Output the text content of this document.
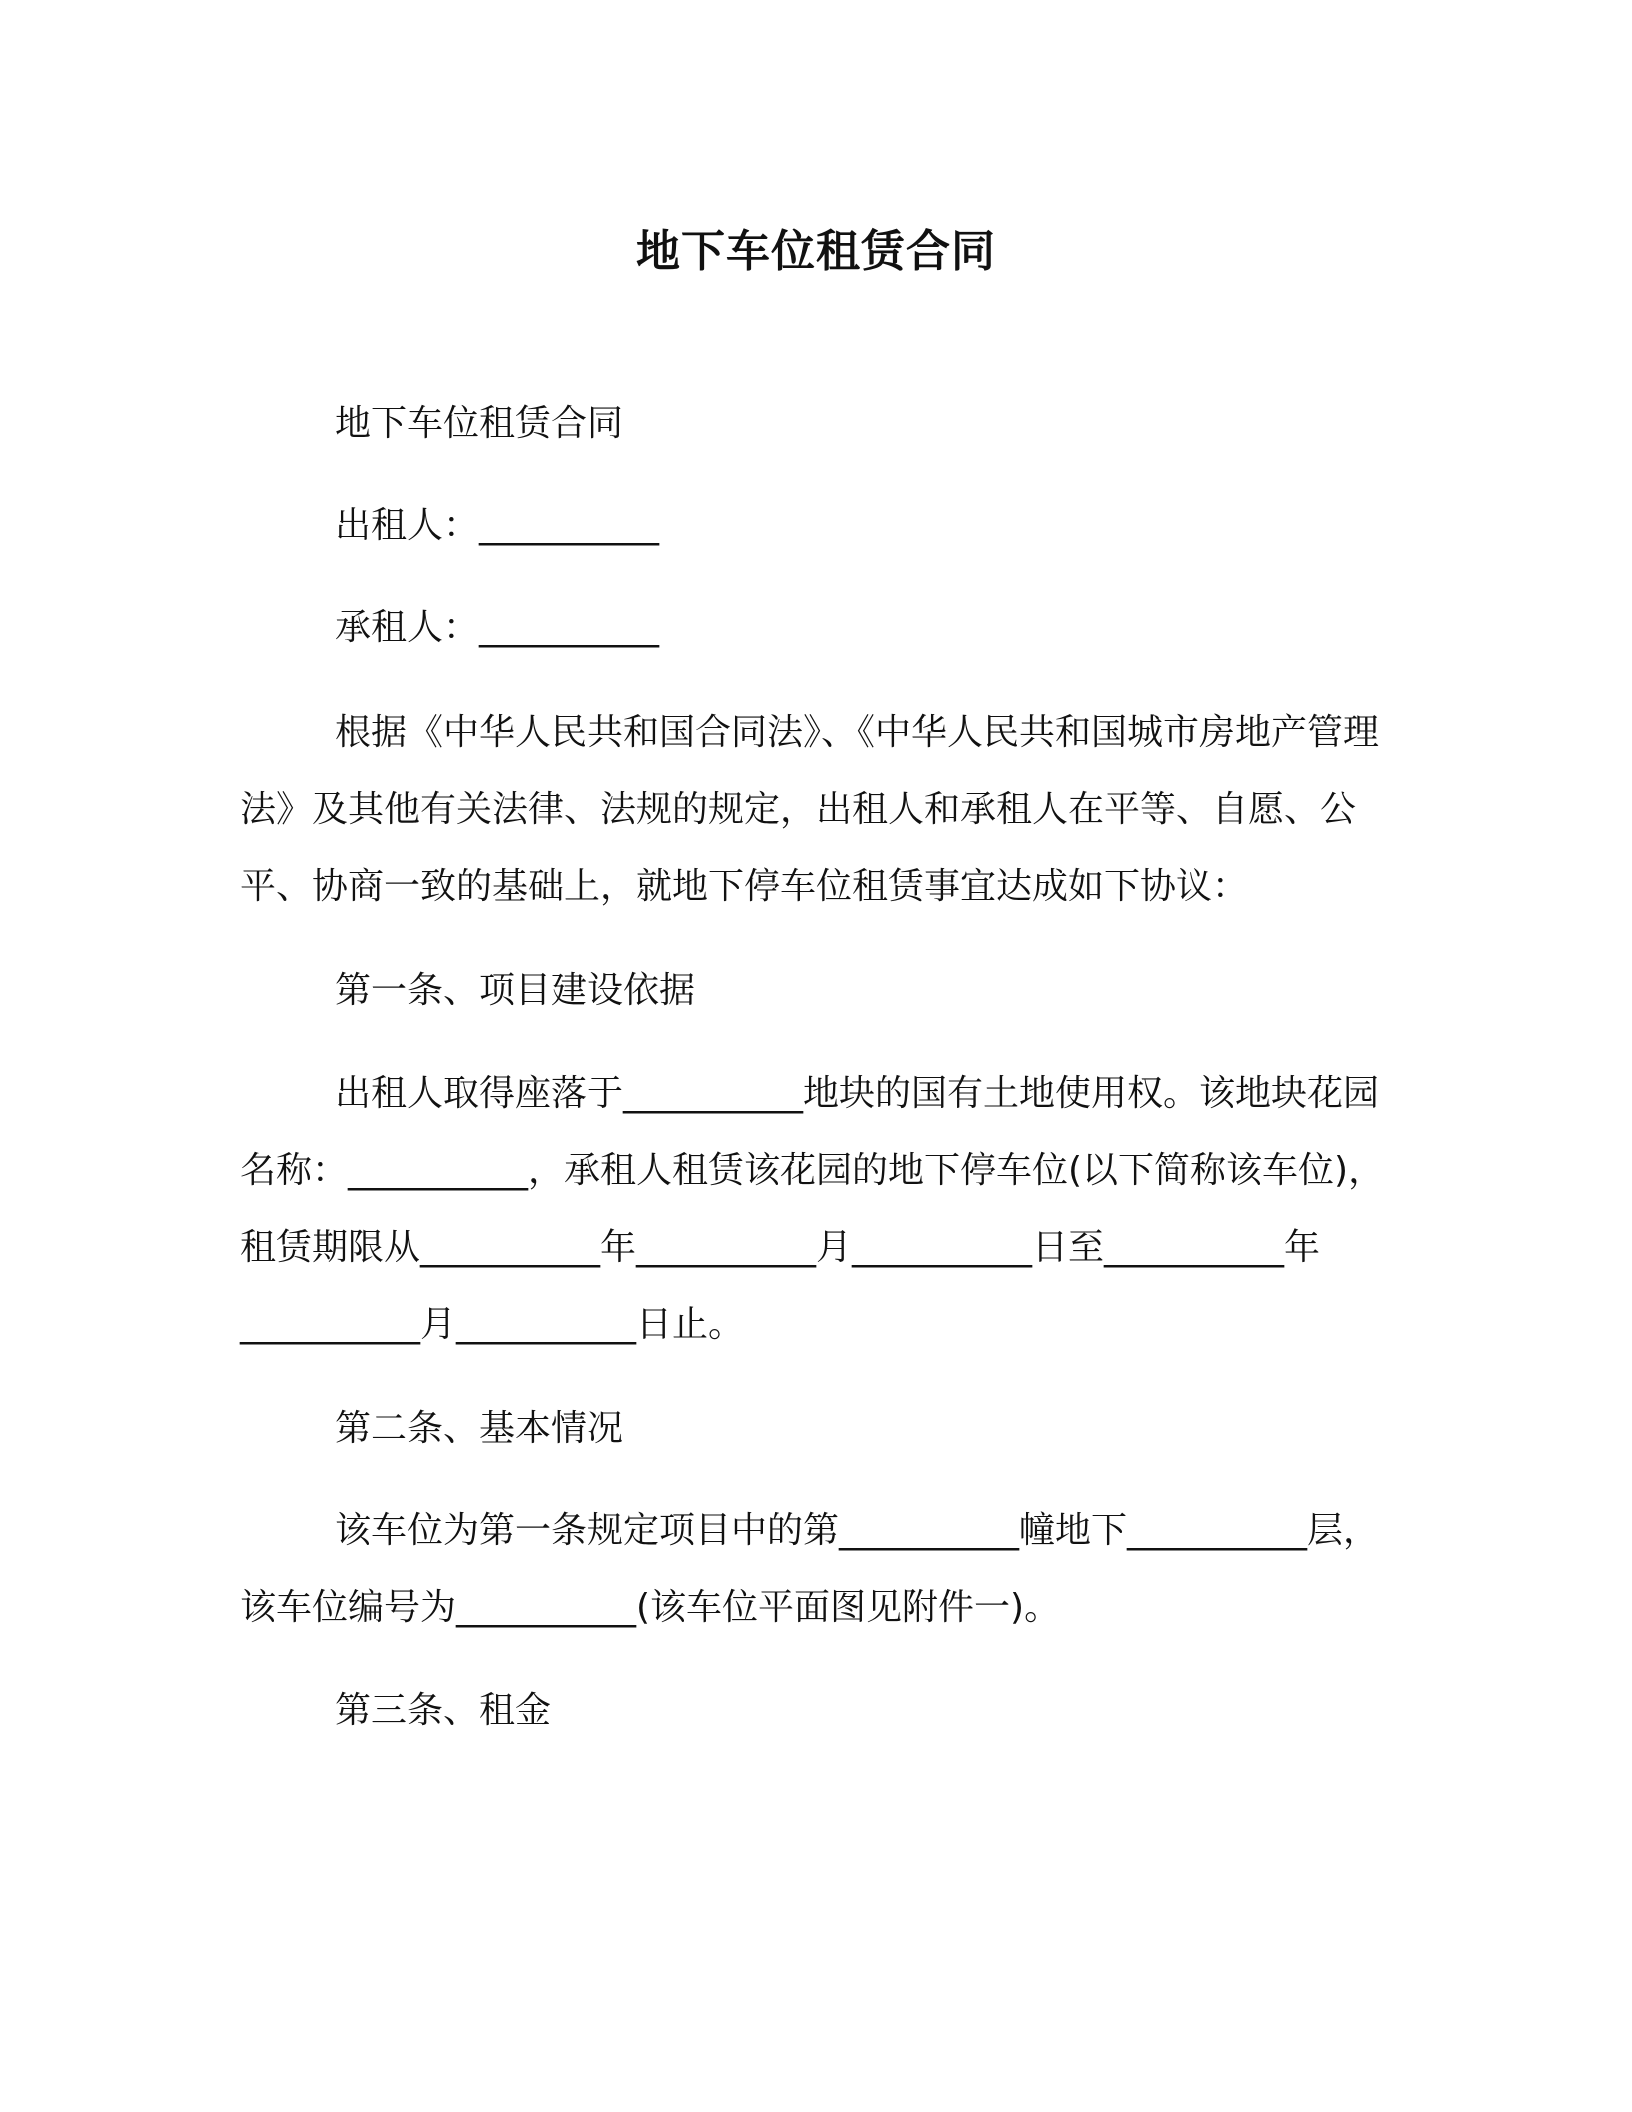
地下车位租赁合同

地下车位租赁合同

出租人：__________

承租人：__________

根据《中华人民共和国合同法》、《中华人民共和国城市房地产管理法》及其他有关法律、法规的规定，出租人和承租人在平等、自愿、公平、协商一致的基础上，就地下停车位租赁事宜达成如下协议：

第一条、项目建设依据

出租人取得座落于__________地块的国有土地使用权。该地块花园名称：__________，承租人租赁该花园的地下停车位(以下简称该车位)，租赁期限从__________年__________月__________日至__________年__________月__________日止。

第二条、基本情况

该车位为第一条规定项目中的第__________幢地下__________层，该车位编号为__________(该车位平面图见附件一)。

第三条、租金
